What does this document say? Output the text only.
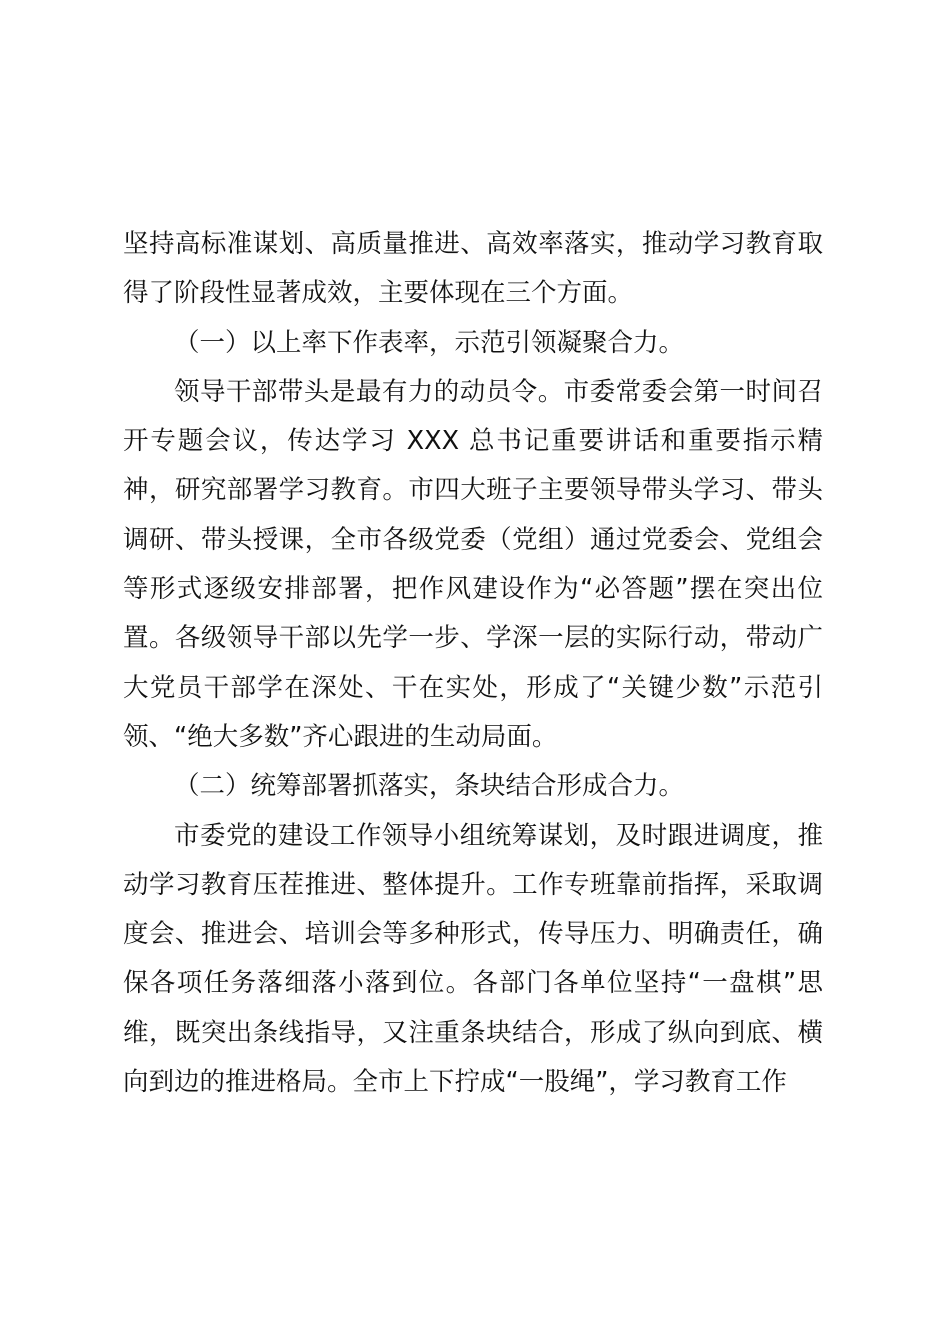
坚持高标准谋划、高质量推进、高效率落实，推动学习教育取得了阶段性显著成效，主要体现在三个方面。

（一）以上率下作表率，示范引领凝聚合力。

领导干部带头是最有力的动员令。市委常委会第一时间召开专题会议，传达学习 XXX 总书记重要讲话和重要指示精神，研究部署学习教育。市四大班子主要领导带头学习、带头调研、带头授课，全市各级党委（党组）通过党委会、党组会等形式逐级安排部署，把作风建设作为“必答题”摆在突出位置。各级领导干部以先学一步、学深一层的实际行动，带动广大党员干部学在深处、干在实处，形成了“关键少数”示范引领、“绝大多数”齐心跟进的生动局面。

（二）统筹部署抓落实，条块结合形成合力。

市委党的建设工作领导小组统筹谋划，及时跟进调度，推动学习教育压茬推进、整体提升。工作专班靠前指挥，采取调度会、推进会、培训会等多种形式，传导压力、明确责任，确保各项任务落细落小落到位。各部门各单位坚持“一盘棋”思维，既突出条线指导，又注重条块结合，形成了纵向到底、横向到边的推进格局。全市上下拧成“一股绳”，学习教育工作
